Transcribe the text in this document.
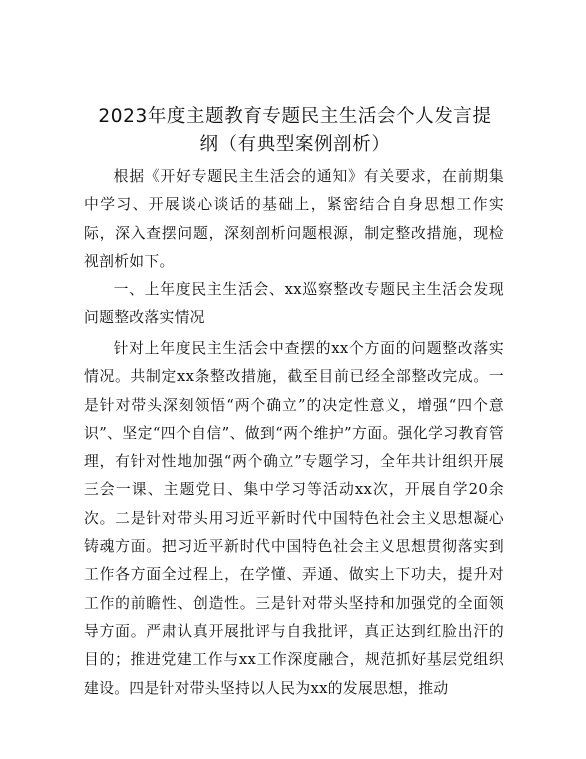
2023年度主题教育专题民主生活会个人发言提
纲（有典型案例剖析）

根据《开好专题民主生活会的通知》有关要求，在前期集中学习、开展谈心谈话的基础上，紧密结合自身思想工作实际，深入查摆问题，深刻剖析问题根源，制定整改措施，现检视剖析如下。

一、上年度民主生活会、xx巡察整改专题民主生活会发现问题整改落实情况

针对上年度民主生活会中查摆的xx个方面的问题整改落实情况。共制定xx条整改措施，截至目前已经全部整改完成。一是针对带头深刻领悟“两个确立”的决定性意义，增强“四个意识”、坚定“四个自信”、做到“两个维护”方面。强化学习教育管理，有针对性地加强“两个确立”专题学习，全年共计组织开展三会一课、主题党日、集中学习等活动xx次，开展自学20余次。二是针对带头用习近平新时代中国特色社会主义思想凝心铸魂方面。把习近平新时代中国特色社会主义思想贯彻落实到工作各方面全过程上，在学懂、弄通、做实上下功夫，提升对工作的前瞻性、创造性。三是针对带头坚持和加强党的全面领导方面。严肃认真开展批评与自我批评，真正达到红脸出汗的目的；推进党建工作与xx工作深度融合，规范抓好基层党组织建设。四是针对带头坚持以人民为xx的发展思想，推动
